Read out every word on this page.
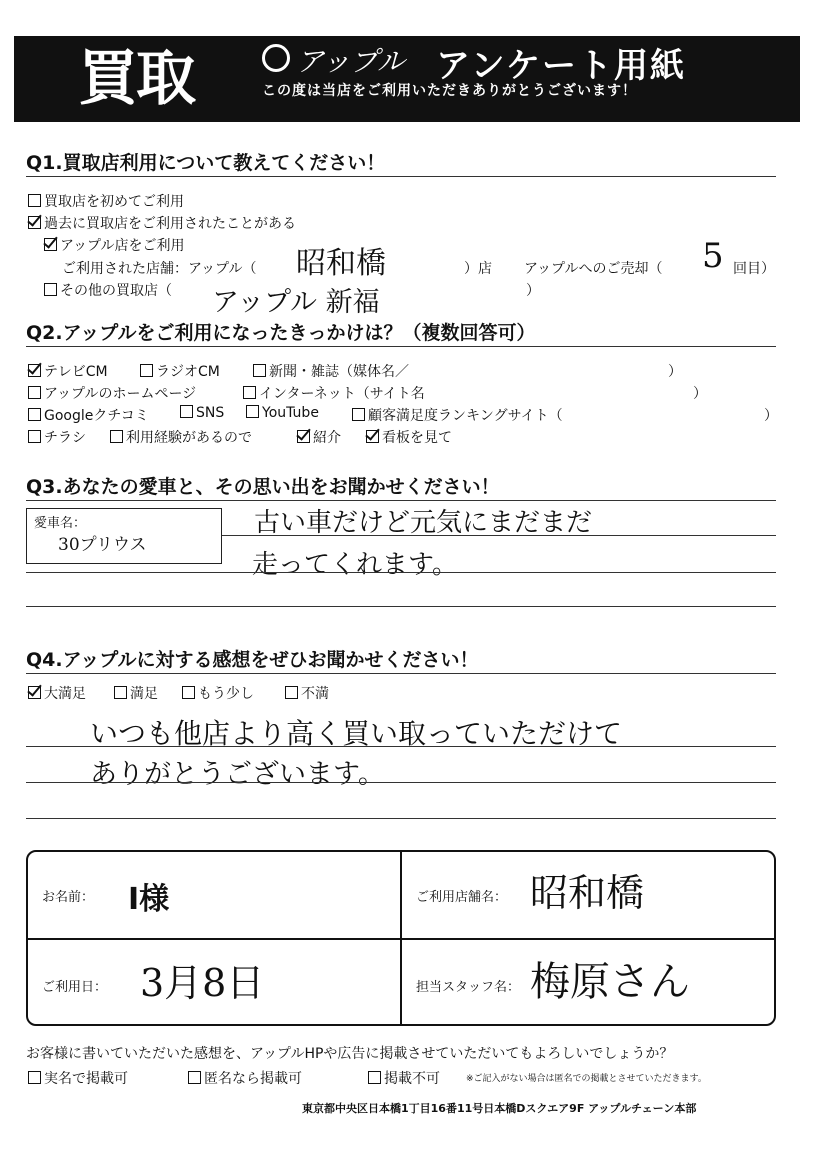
買取	アップル アンケート用紙
この度は当店をご利用いただきありがとうございます！
Q1.買取店利用について教えてください！
買取店を初めてご利用
過去に買取店をご利用されたことがある
アップル店をご利用
ご利用された店舗：アップル（ 昭和橋	）店 アップルへのご売却（ 5 回目）
その他の買取店（ アップル 新福	）
Q2.アップルをご利用になったきっかけは？（複数回答可）
テレビCM	ラジオCM	新聞・雑誌（媒体名／	）
アップルのホームページ	インターネット（サイト名	）
Googleクチコミ	SNS	YouTube	顧客満足度ランキングサイト（	）
チラシ	利用経験があるので	紹介	看板を見て
Q3.あなたの愛車と、その思い出をお聞かせください！
愛車名：
30プリウス
古い車だけど元気にまだまだ
走ってくれます。
Q4.アップルに対する感想をぜひお聞かせください！
大満足	満足	もう少し	不満
いつも他店より高く買い取っていただけて
ありがとうございます。
お名前： I様	ご利用店舗名： 昭和橋
ご利用日： 3月8日	担当スタッフ名： 梅原さん
お客様に書いていただいた感想を、アップルHPや広告に掲載させていただいてもよろしいでしょうか？
実名で掲載可	匿名なら掲載可	掲載不可	※ご記入がない場合は匿名での掲載とさせていただきます。
東京都中央区日本橋1丁目16番11号日本橋Dスクエア9F アップルチェーン本部
